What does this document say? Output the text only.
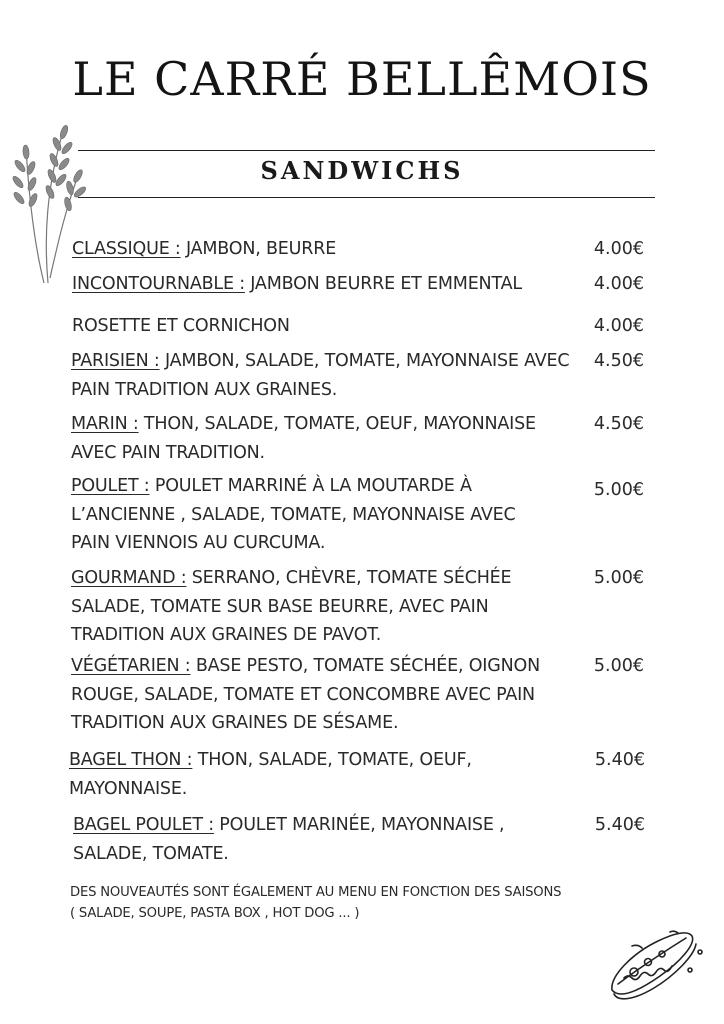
LE CARRÉ BELLÊMOIS
SANDWICHS
CLASSIQUE : JAMBON, BEURRE	4.00€
INCONTOURNABLE : JAMBON BEURRE ET EMMENTAL	4.00€
ROSETTE ET CORNICHON	4.00€
PARISIEN : JAMBON, SALADE, TOMATE, MAYONNAISE AVEC PAIN TRADITION AUX GRAINES.
4.50€
MARIN : THON, SALADE, TOMATE, OEUF, MAYONNAISE AVEC PAIN TRADITION.
4.50€
POULET : POULET MARRINÉ À LA MOUTARDE À L’ANCIENNE , SALADE, TOMATE, MAYONNAISE AVEC PAIN VIENNOIS AU CURCUMA.
5.00€
GOURMAND : SERRANO, CHÈVRE, TOMATE SÉCHÉE SALADE, TOMATE SUR BASE BEURRE, AVEC PAIN TRADITION AUX GRAINES DE PAVOT.
5.00€
VÉGÉTARIEN : BASE PESTO, TOMATE SÉCHÉE, OIGNON ROUGE, SALADE, TOMATE ET CONCOMBRE AVEC PAIN TRADITION AUX GRAINES DE SÉSAME.
5.00€
BAGEL THON : THON, SALADE, TOMATE, OEUF, MAYONNAISE.
5.40€
BAGEL POULET : POULET MARINÉE, MAYONNAISE , SALADE, TOMATE.
5.40€
DES NOUVEAUTÉS SONT ÉGALEMENT AU MENU EN FONCTION DES SAISONS
( SALADE, SOUPE, PASTA BOX , HOT DOG ... )
